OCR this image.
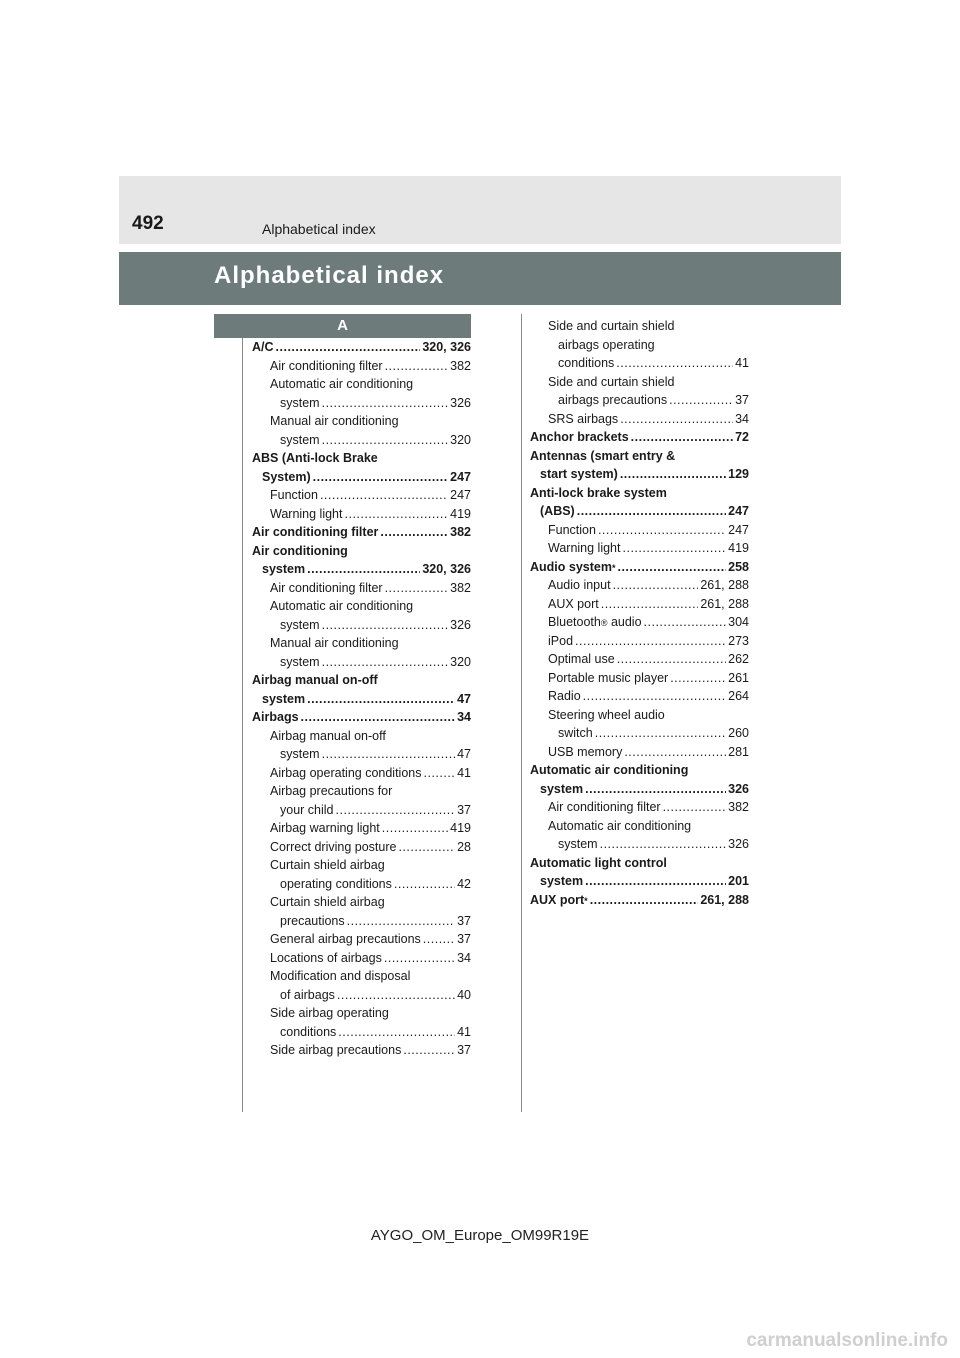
492	Alphabetical index
Alphabetical index
A
A/C .....	320, 326
Air conditioning filter .....	382
Automatic air conditioning
system .....	326
Manual air conditioning
system .....	320
ABS (Anti-lock Brake
System) .....	247
Function .....	247
Warning light .....	419
Air conditioning filter .....	382
Air conditioning
system .....	320, 326
Air conditioning filter .....	382
Automatic air conditioning
system .....	326
Manual air conditioning
system .....	320
Airbag manual on-off
system .....	47
Airbags .....	34
Airbag manual on-off
system .....	47
Airbag operating conditions .....	41
Airbag precautions for
your child .....	37
Airbag warning light .....	419
Correct driving posture .....	28
Curtain shield airbag
operating conditions .....	42
Curtain shield airbag
precautions .....	37
General airbag precautions .....	37
Locations of airbags .....	34
Modification and disposal
of airbags .....	40
Side airbag operating
conditions .....	41
Side airbag precautions .....	37
Side and curtain shield
airbags operating
conditions .....	41
Side and curtain shield
airbags precautions .....	37
SRS airbags .....	34
Anchor brackets .....	72
Antennas (smart entry &
start system) .....	129
Anti-lock brake system
(ABS) .....	247
Function .....	247
Warning light .....	419
Audio system * .....	258
Audio input .....	261, 288
AUX port .....	261, 288
Bluetooth ® audio .....	304
iPod .....	273
Optimal use .....	262
Portable music player .....	261
Radio .....	264
Steering wheel audio
switch .....	260
USB memory .....	281
Automatic air conditioning
system .....	326
Air conditioning filter .....	382
Automatic air conditioning
system .....	326
Automatic light control
system .....	201
AUX port * .....	261, 288
AYGO_OM_Europe_OM99R19E
carmanualsonline.info
